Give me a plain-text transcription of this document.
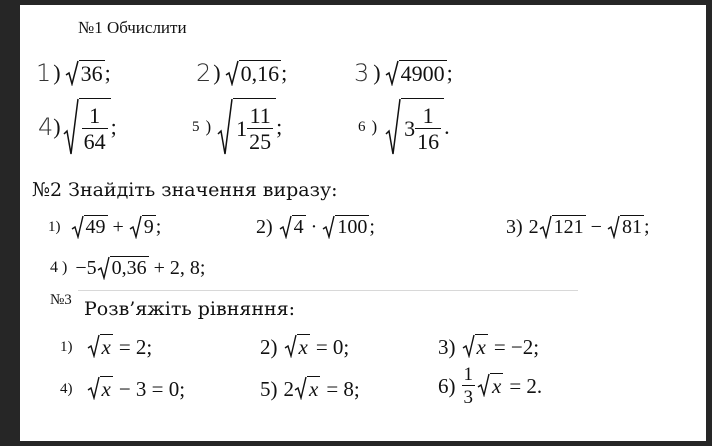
№1 Обчислити
1 ) 36 ;	2 ) 0,16 ;	3 ) 4900 ;
4 ) $\frac{1}{64}$ ;	5 ) $1 \frac{11}{25}$ ;	6 ) $3 \frac{1}{16}$ .
№2 Знайдіть значення виразу:
1) 49 + 9 ;	2) 4 · 100 ;	3) 2 121 − 81 ;
4 ) −5 0,36 + 2, 8;
№3 Розв’яжіть рівняння:
1) x = 2;	2) x = 0;	3) x = −2;
4) x − 3 = 0;	5) 2 x = 8;	$6) \frac{1}{3}$ x = 2.
